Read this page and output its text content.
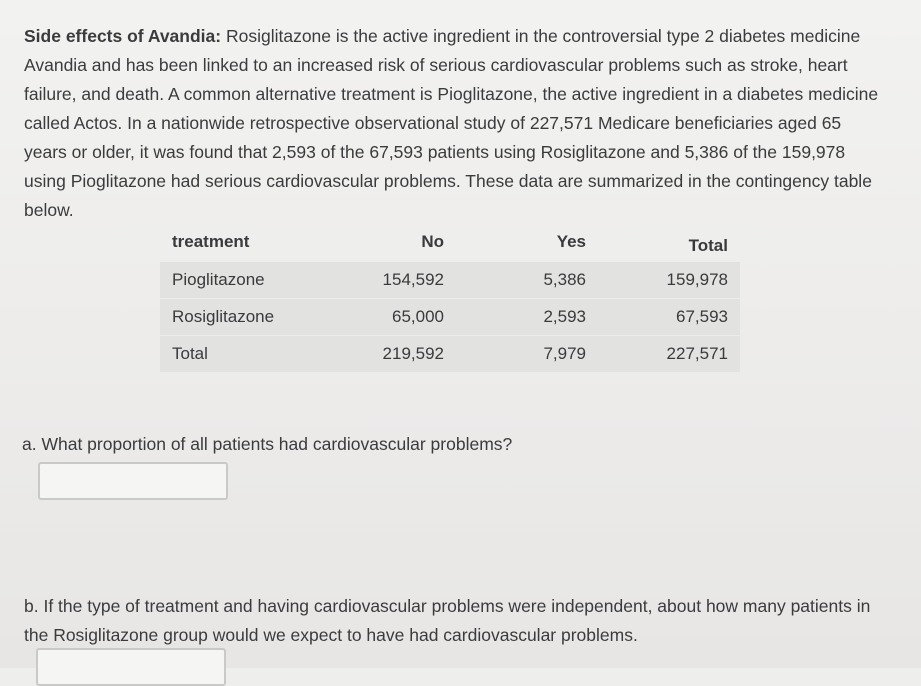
Side effects of Avandia: Rosiglitazone is the active ingredient in the controversial type 2 diabetes medicine Avandia and has been linked to an increased risk of serious cardiovascular problems such as stroke, heart failure, and death. A common alternative treatment is Pioglitazone, the active ingredient in a diabetes medicine called Actos. In a nationwide retrospective observational study of 227,571 Medicare beneficiaries aged 65 years or older, it was found that 2,593 of the 67,593 patients using Rosiglitazone and 5,386 of the 159,978 using Pioglitazone had serious cardiovascular problems. These data are summarized in the contingency table below.
treatment	No	Yes	Total
Pioglitazone	154,592	5,386	159,978
Rosiglitazone	65,000	2,593	67,593
Total	219,592	7,979	227,571
a. What proportion of all patients had cardiovascular problems?
b. If the type of treatment and having cardiovascular problems were independent, about how many patients in the Rosiglitazone group would we expect to have had cardiovascular problems.
